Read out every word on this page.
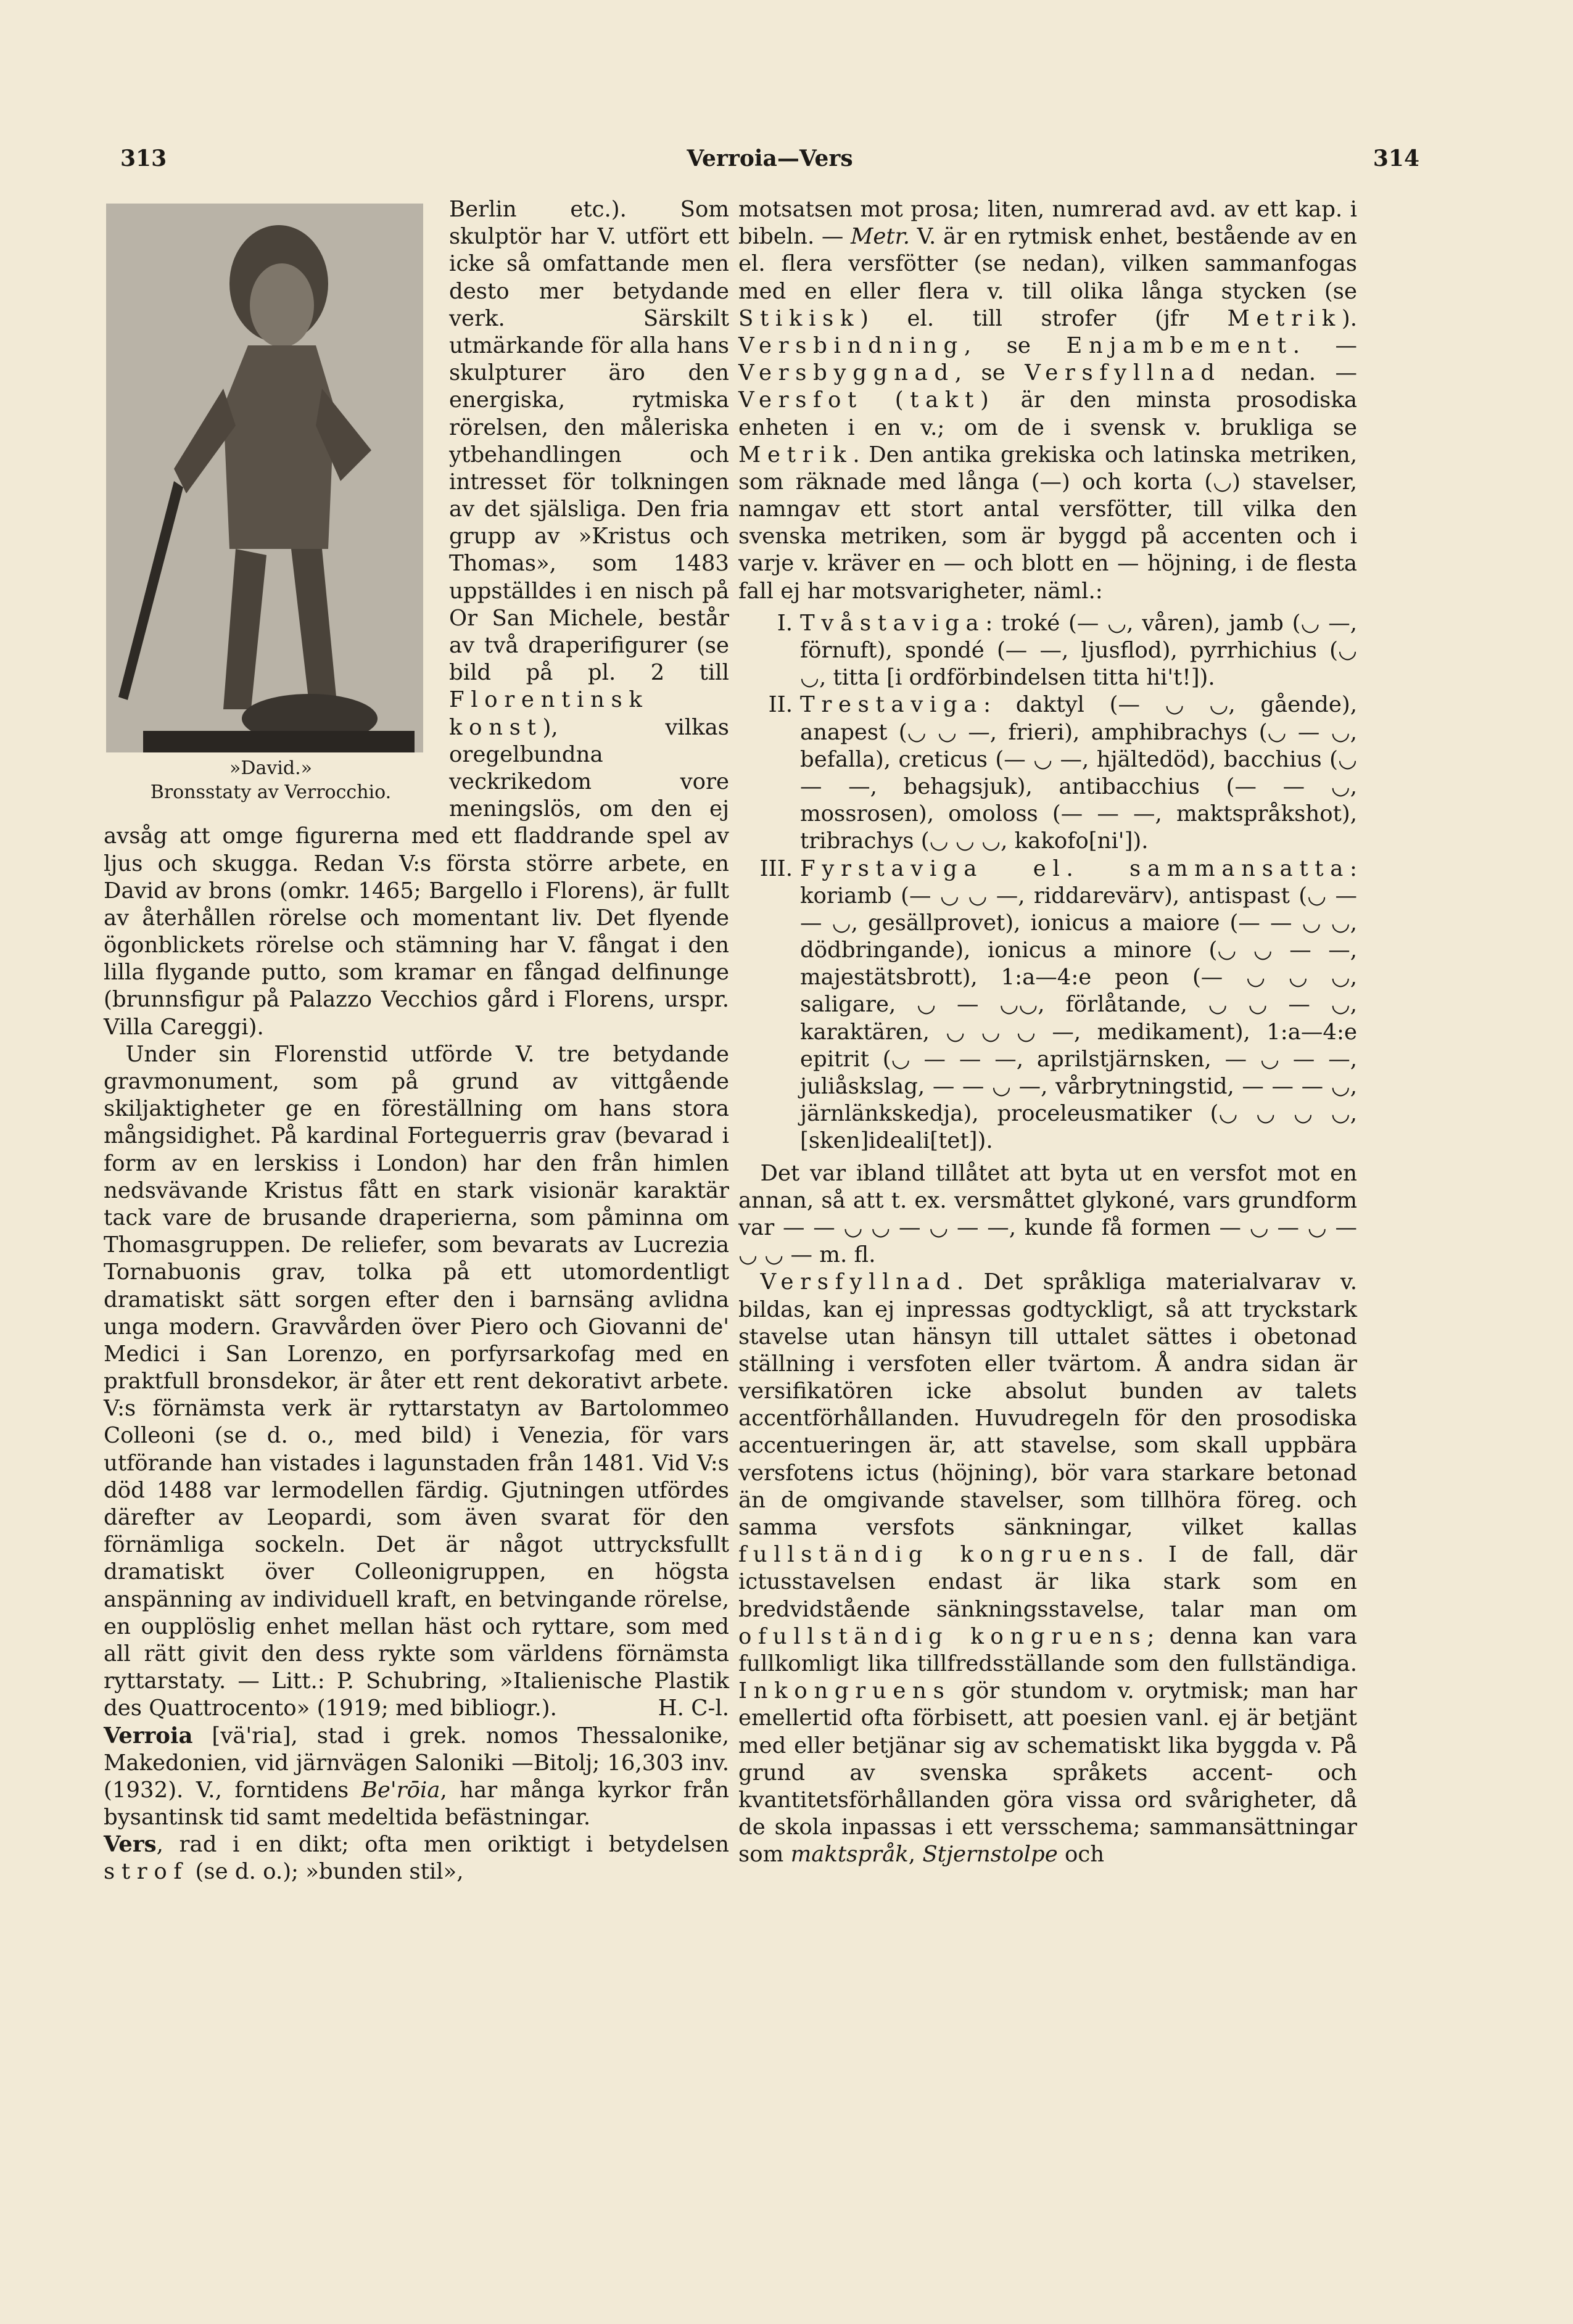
313	Verroia—Vers	314
»David.»
Bronsstaty av Verrocchio.

Berlin etc.). Som skulptör har V. utfört ett icke så omfattande men desto mer betydande verk. Särskilt utmärkande för alla hans skulpturer äro den energiska, rytmiska rörelsen, den måleriska ytbehandlingen och intresset för tolkningen av det själsliga. Den fria grupp av »Kristus och Thomas», som 1483 uppställdes i en nisch på Or San Michele, består av två draperifigurer (se bild på pl. 2 till Florentinsk konst), vilkas oregelbundna veckrikedom vore meningslös, om den ej avsåg att omge figurerna med ett fladdrande spel av ljus och skugga. Redan V:s första större arbete, en David av brons (omkr. 1465; Bargello i Florens), är fullt av återhållen rörelse och momentant liv. Det flyende ögonblickets rörelse och stämning har V. fångat i den lilla flygande putto, som kramar en fångad delfinunge (brunnsfigur på Palazzo Vecchios gård i Florens, urspr. Villa Careggi).

 Under sin Florenstid utförde V. tre betydande gravmonument, som på grund av vittgående skiljaktigheter ge en föreställning om hans stora mångsidighet. På kardinal Forteguerris grav (bevarad i form av en lerskiss i London) har den från himlen nedsvävande Kristus fått en stark visionär karaktär tack vare de brusande draperierna, som påminna om Thomasgruppen. De reliefer, som bevarats av Lucrezia Tornabuonis grav, tolka på ett utomordentligt dramatiskt sätt sorgen efter den i barnsäng avlidna unga modern. Gravvården över Piero och Giovanni de' Medici i San Lorenzo, en porfyrsarkofag med en praktfull bronsdekor, är åter ett rent dekorativt arbete. V:s förnämsta verk är ryttarstatyn av Bartolommeo Colleoni (se d. o., med bild) i Venezia, för vars utförande han vistades i lagunstaden från 1481. Vid V:s död 1488 var lermodellen färdig. Gjutningen utfördes därefter av Leopardi, som även svarat för den förnämliga sockeln. Det är något uttrycksfullt dramatiskt över Colleonigruppen, en högsta anspänning av individuell kraft, en betvingande rörelse, en oupplöslig enhet mellan häst och ryttare, som med all rätt givit den dess rykte som världens förnämsta ryttarstaty. — Litt.: P. Schubring, »Italienische Plastik des Quattrocento» (1919; med bibliogr.).	H. C-l.

Verroia [vä'ria], stad i grek. nomos Thessalonike, Makedonien, vid järnvägen Saloniki —Bitolj; 16,303 inv. (1932). V., forntidens Be'rōia, har många kyrkor från bysantinsk tid samt medeltida befästningar.

Vers, rad i en dikt; ofta men oriktigt i betydelsen strof (se d. o.); »bunden stil»,

motsatsen mot prosa; liten, numrerad avd. av ett kap. i bibeln. — Metr. V. är en rytmisk enhet, bestående av en el. flera versfötter (se nedan), vilken sammanfogas med en eller flera v. till olika långa stycken (se Stikisk) el. till strofer (jfr Metrik). Versbindning, se Enjambement. — Versbyggnad, se Versfyllnad nedan. — Versfot (takt) är den minsta prosodiska enheten i en v.; om de i svensk v. brukliga se Metrik. Den antika grekiska och latinska metriken, som räknade med långa (—) och korta (◡) stavelser, namngav ett stort antal versfötter, till vilka den svenska metriken, som är byggd på accenten och i varje v. kräver en — och blott en — höjning, i de flesta fall ej har motsvarigheter, näml.:

I. Tvåstaviga: troké (— ◡, våren), jamb (◡ —, förnuft), spondé (— —, ljusflod), pyrrhichius (◡ ◡, titta [i ordförbindelsen titta hi't!]).
II. Trestaviga: daktyl (— ◡ ◡, gående), anapest (◡ ◡ —, frieri), amphibrachys (◡ — ◡, befalla), creticus (— ◡ —, hjältedöd), bacchius (◡ — —, behagsjuk), antibacchius (— — ◡, mossrosen), omoloss (— — —, maktspråkshot), tribrachys (◡ ◡ ◡, kakofo[ni']).
III. Fyrstaviga el. sammansatta: koriamb (— ◡ ◡ —, riddarevärv), antispast (◡ — — ◡, gesällprovet), ionicus a maiore (— — ◡ ◡, dödbringande), ionicus a minore (◡ ◡ — —, majestätsbrott), 1:a—4:e peon (— ◡ ◡ ◡, saligare, ◡ — ◡◡, förlåtande, ◡ ◡ — ◡, karaktären, ◡ ◡ ◡ —, medikament), 1:a—4:e epitrit (◡ — — —, aprilstjärnsken, — ◡ — —, juliåskslag, — — ◡ —, vårbrytningstid, — — — ◡, järnlänkskedja), proceleusmatiker (◡ ◡ ◡ ◡, [sken]ideali[tet]).

 Det var ibland tillåtet att byta ut en versfot mot en annan, så att t. ex. versmåttet glykoné, vars grundform var — — ◡ ◡ — ◡ — —, kunde få formen — ◡ — ◡ — ◡ ◡ — m. fl.

 Versfyllnad. Det språkliga materialvarav v. bildas, kan ej inpressas godtyckligt, så att tryckstark stavelse utan hänsyn till uttalet sättes i obetonad ställning i versfoten eller tvärtom. Å andra sidan är versifikatören icke absolut bunden av talets accentförhållanden. Huvudregeln för den prosodiska accentueringen är, att stavelse, som skall uppbära versfotens ictus (höjning), bör vara starkare betonad än de omgivande stavelser, som tillhöra föreg. och samma versfots sänkningar, vilket kallas fullständig kongruens. I de fall, där ictusstavelsen endast är lika stark som en bredvidstående sänkningsstavelse, talar man om ofullständig kongruens; denna kan vara fullkomligt lika tillfredsställande som den fullständiga. Inkongruens gör stundom v. orytmisk; man har emellertid ofta förbisett, att poesien vanl. ej är betjänt med eller betjänar sig av schematiskt lika byggda v. På grund av svenska språkets accent- och kvantitetsförhållanden göra vissa ord svårigheter, då de skola inpassas i ett versschema; sammansättningar som maktspråk, Stjernstolpe och
